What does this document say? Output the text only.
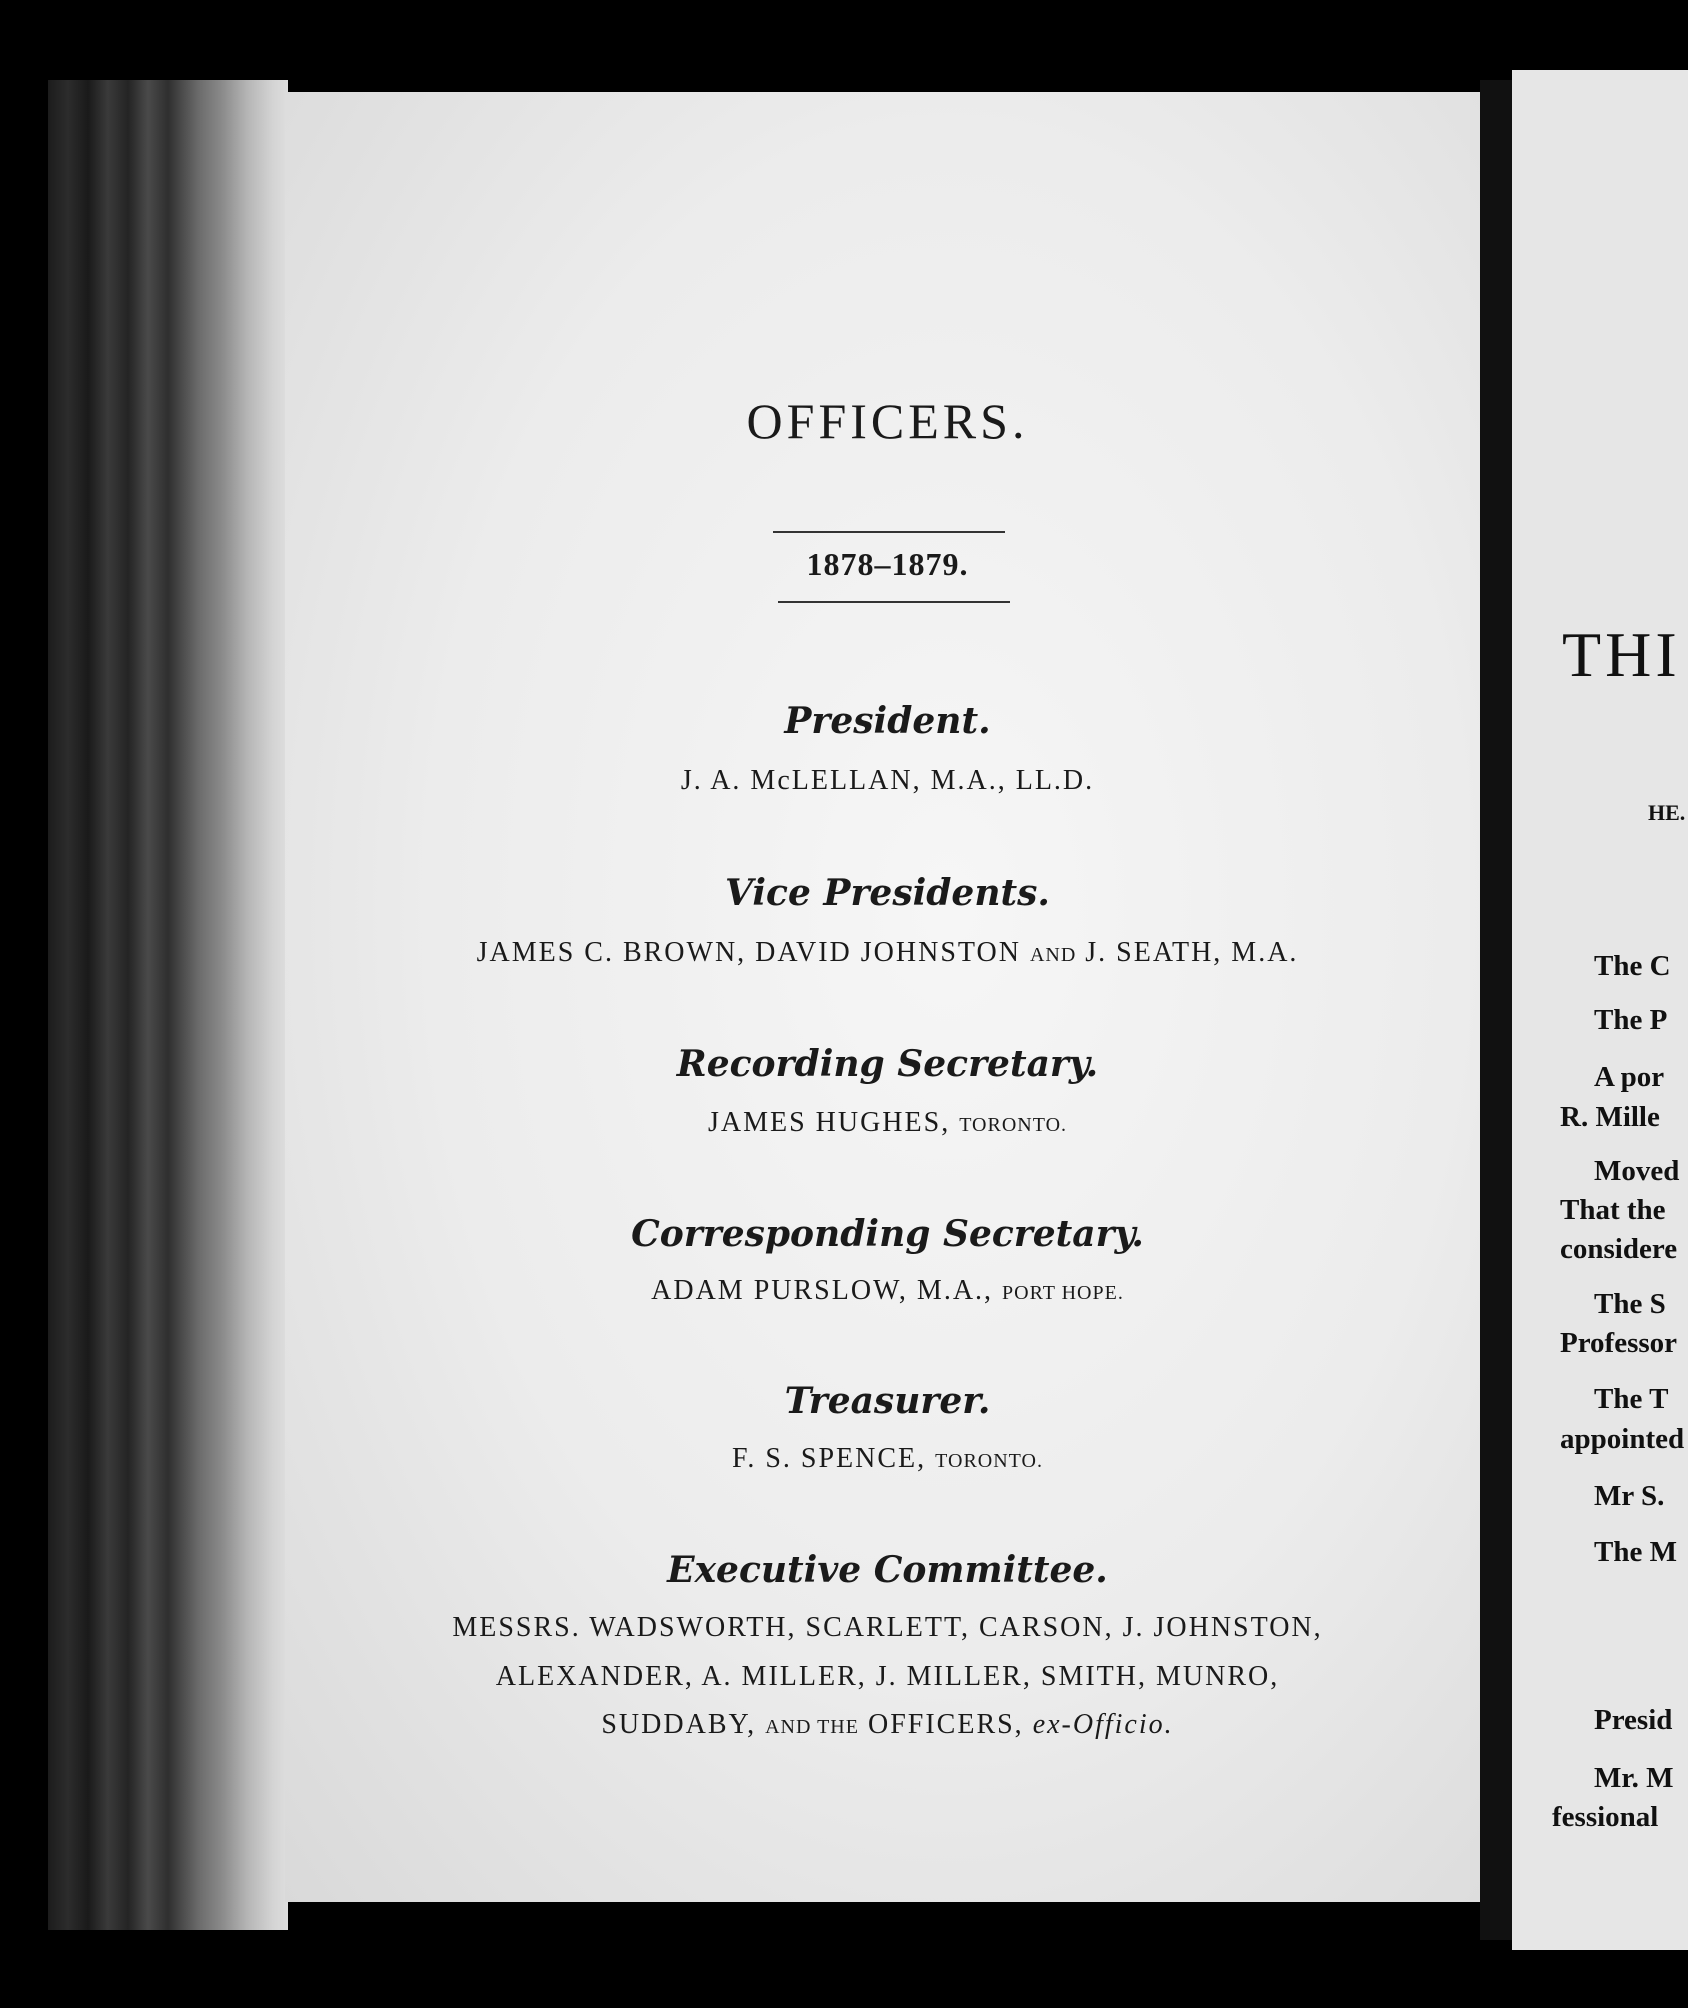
OFFICERS.
1878–1879.
President.
J. A. McLELLAN, M.A., LL.D.
Vice Presidents.
JAMES C. BROWN, DAVID JOHNSTON AND J. SEATH, M.A.
Recording Secretary.
JAMES HUGHES, TORONTO.
Corresponding Secretary.
ADAM PURSLOW, M.A., PORT HOPE.
Treasurer.
F. S. SPENCE, TORONTO.
Executive Committee.
MESSRS. WADSWORTH, SCARLETT, CARSON, J. JOHNSTON,
ALEXANDER, A. MILLER, J. MILLER, SMITH, MUNRO,
SUDDABY, AND THE OFFICERS, ex-Officio.
THI
HE.
The C
The P
A por
R. Mille
Moved
That the
considere
The S
Professor
The T
appointed
Mr S.
The M
Presid
Mr. M
fessional
